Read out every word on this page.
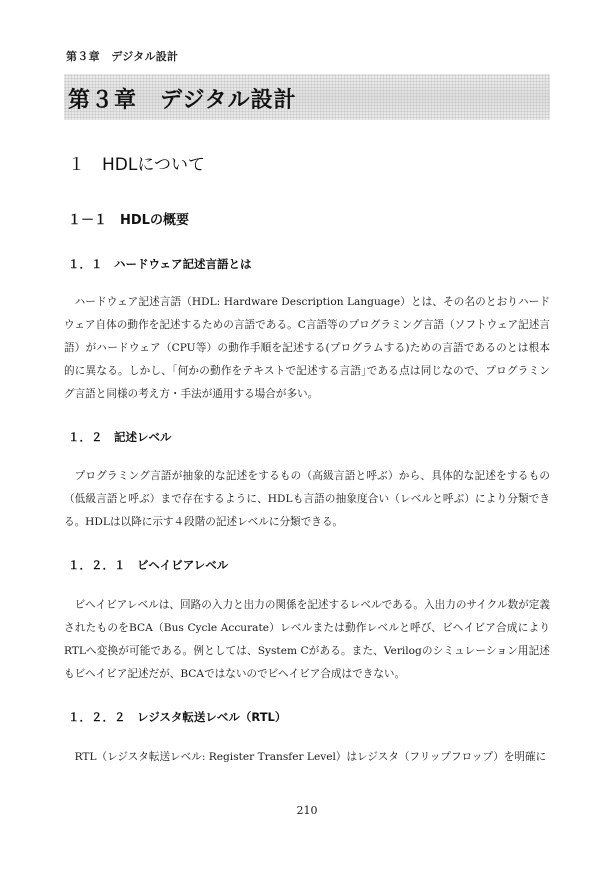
第３章　デジタル設計
第３章　デジタル設計
１　HDLについて
１－１　HDLの概要
１．１　ハードウェア記述言語とは

ハードウェア記述言語（HDL: Hardware Description Language）とは、その名のとおりハードウェア自体の動作を記述するための言語である。C言語等のプログラミング言語（ソフトウェア記述言語）がハードウェア（CPU等）の動作手順を記述する(プログラムする)ための言語であるのとは根本的に異なる。しかし、｢何かの動作をテキストで記述する言語｣である点は同じなので、プログラミング言語と同様の考え方・手法が通用する場合が多い。

１．２　記述レベル

プログラミング言語が抽象的な記述をするもの（高級言語と呼ぶ）から、具体的な記述をするもの（低級言語と呼ぶ）まで存在するように、HDLも言語の抽象度合い（レベルと呼ぶ）により分類できる。HDLは以降に示す４段階の記述レベルに分類できる。

１．２．１　ビヘイビアレベル

ビヘイビアレベルは、回路の入力と出力の関係を記述するレベルである。入出力のサイクル数が定義されたものをBCA（Bus Cycle Accurate）レベルまたは動作レベルと呼び、ビヘイビア合成によりRTLへ変換が可能である。例としては、System Cがある。また、Verilogのシミュレーション用記述もビヘイビア記述だが、BCAではないのでビヘイビア合成はできない。

１．２．２　レジスタ転送レベル（RTL）

RTL（レジスタ転送レベル: Register Transfer Level）はレジスタ（フリップフロップ）を明確に

210
